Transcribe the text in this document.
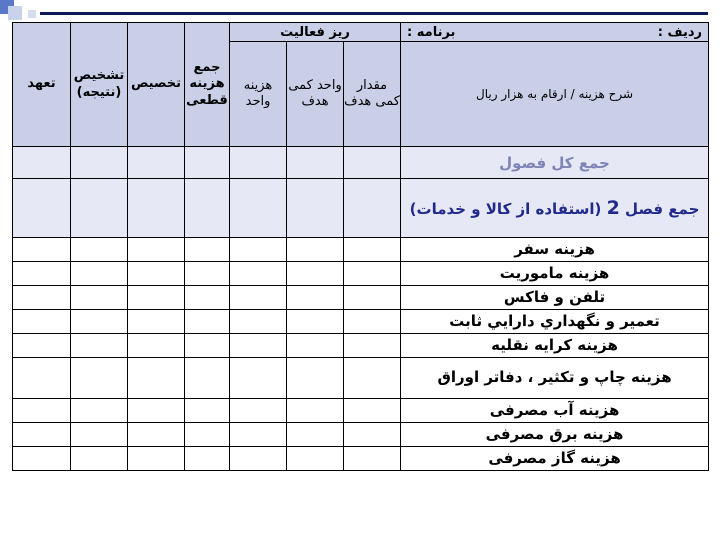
رديف :
برنامه :	ريز فعاليت			جمع هزينه قطعی	تخصيص	تشخيص (نتيجه)	تعهد
شرح هزينه / ارقام به هزار ريال	مقدار كمی هدف	واحد كمی هدف	هزينه واحد				
جمع كل فصول							
جمع فصل 2 (استفاده از كالا و خدمات)							
هزينه سفر							
هزينه ماموريت							
تلفن و فاكس							
تعمير و نگهداري دارايي ثابت							
هزينه كرايه نقليه							
هزينه چاپ و تكثير ، دفاتر اوراق							
هزينه آب مصرفی							
هزينه برق مصرفی							
هزينه گاز مصرفی							
